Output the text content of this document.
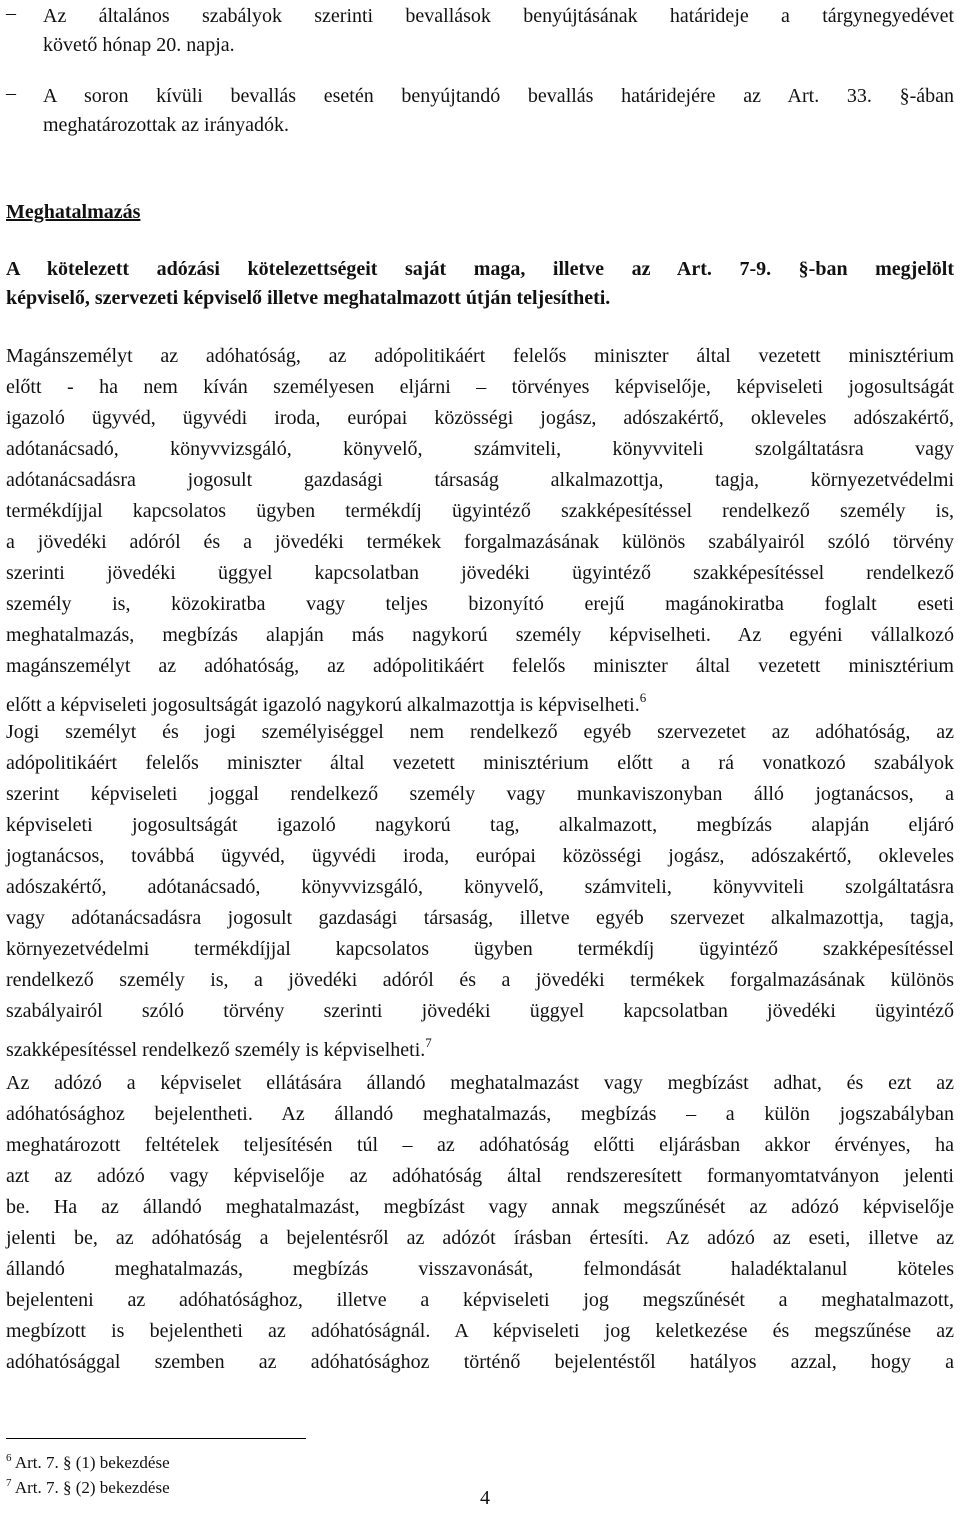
– Az általános szabályok szerinti bevallások benyújtásának határideje a tárgynegyedévet
követő hónap 20. napja.
– A soron kívüli bevallás esetén benyújtandó bevallás határidejére az Art. 33. §-ában
meghatározottak az irányadók.
Meghatalmazás
A kötelezett adózási kötelezettségeit saját maga, illetve az Art. 7-9. §-ban megjelölt
képviselő, szervezeti képviselő illetve meghatalmazott útján teljesítheti.
Magánszemélyt az adóhatóság, az adópolitikáért felelős miniszter által vezetett minisztérium
előtt - ha nem kíván személyesen eljárni – törvényes képviselője, képviseleti jogosultságát
igazoló ügyvéd, ügyvédi iroda, európai közösségi jogász, adószakértő, okleveles adószakértő,
adótanácsadó, könyvvizsgáló, könyvelő, számviteli, könyvviteli szolgáltatásra vagy
adótanácsadásra jogosult gazdasági társaság alkalmazottja, tagja, környezetvédelmi
termékdíjjal kapcsolatos ügyben termékdíj ügyintéző szakképesítéssel rendelkező személy is,
a jövedéki adóról és a jövedéki termékek forgalmazásának különös szabályairól szóló törvény
szerinti jövedéki üggyel kapcsolatban jövedéki ügyintéző szakképesítéssel rendelkező
személy is, közokiratba vagy teljes bizonyító erejű magánokiratba foglalt eseti
meghatalmazás, megbízás alapján más nagykorú személy képviselheti. Az egyéni vállalkozó
magánszemélyt az adóhatóság, az adópolitikáért felelős miniszter által vezetett minisztérium
előtt a képviseleti jogosultságát igazoló nagykorú alkalmazottja is képviselheti.$^6$
Jogi személyt és jogi személyiséggel nem rendelkező egyéb szervezetet az adóhatóság, az
adópolitikáért felelős miniszter által vezetett minisztérium előtt a rá vonatkozó szabályok
szerint képviseleti joggal rendelkező személy vagy munkaviszonyban álló jogtanácsos, a
képviseleti jogosultságát igazoló nagykorú tag, alkalmazott, megbízás alapján eljáró
jogtanácsos, továbbá ügyvéd, ügyvédi iroda, európai közösségi jogász, adószakértő, okleveles
adószakértő, adótanácsadó, könyvvizsgáló, könyvelő, számviteli, könyvviteli szolgáltatásra
vagy adótanácsadásra jogosult gazdasági társaság, illetve egyéb szervezet alkalmazottja, tagja,
környezetvédelmi termékdíjjal kapcsolatos ügyben termékdíj ügyintéző szakképesítéssel
rendelkező személy is, a jövedéki adóról és a jövedéki termékek forgalmazásának különös
szabályairól szóló törvény szerinti jövedéki üggyel kapcsolatban jövedéki ügyintéző
szakképesítéssel rendelkező személy is képviselheti.$^7$
Az adózó a képviselet ellátására állandó meghatalmazást vagy megbízást adhat, és ezt az
adóhatósághoz bejelentheti. Az állandó meghatalmazás, megbízás – a külön jogszabályban
meghatározott feltételek teljesítésén túl – az adóhatóság előtti eljárásban akkor érvényes, ha
azt az adózó vagy képviselője az adóhatóság által rendszeresített formanyomtatványon jelenti
be. Ha az állandó meghatalmazást, megbízást vagy annak megszűnését az adózó képviselője
jelenti be, az adóhatóság a bejelentésről az adózót írásban értesíti. Az adózó az eseti, illetve az
állandó meghatalmazás, megbízás visszavonását, felmondását haladéktalanul köteles
bejelenteni az adóhatósághoz, illetve a képviseleti jog megszűnését a meghatalmazott,
megbízott is bejelentheti az adóhatóságnál. A képviseleti jog keletkezése és megszűnése az
adóhatósággal szemben az adóhatósághoz történő bejelentéstől hatályos azzal, hogy a
$^6$ Art. 7. § (1) bekezdése
$^7$ Art. 7. § (2) bekezdése	4
